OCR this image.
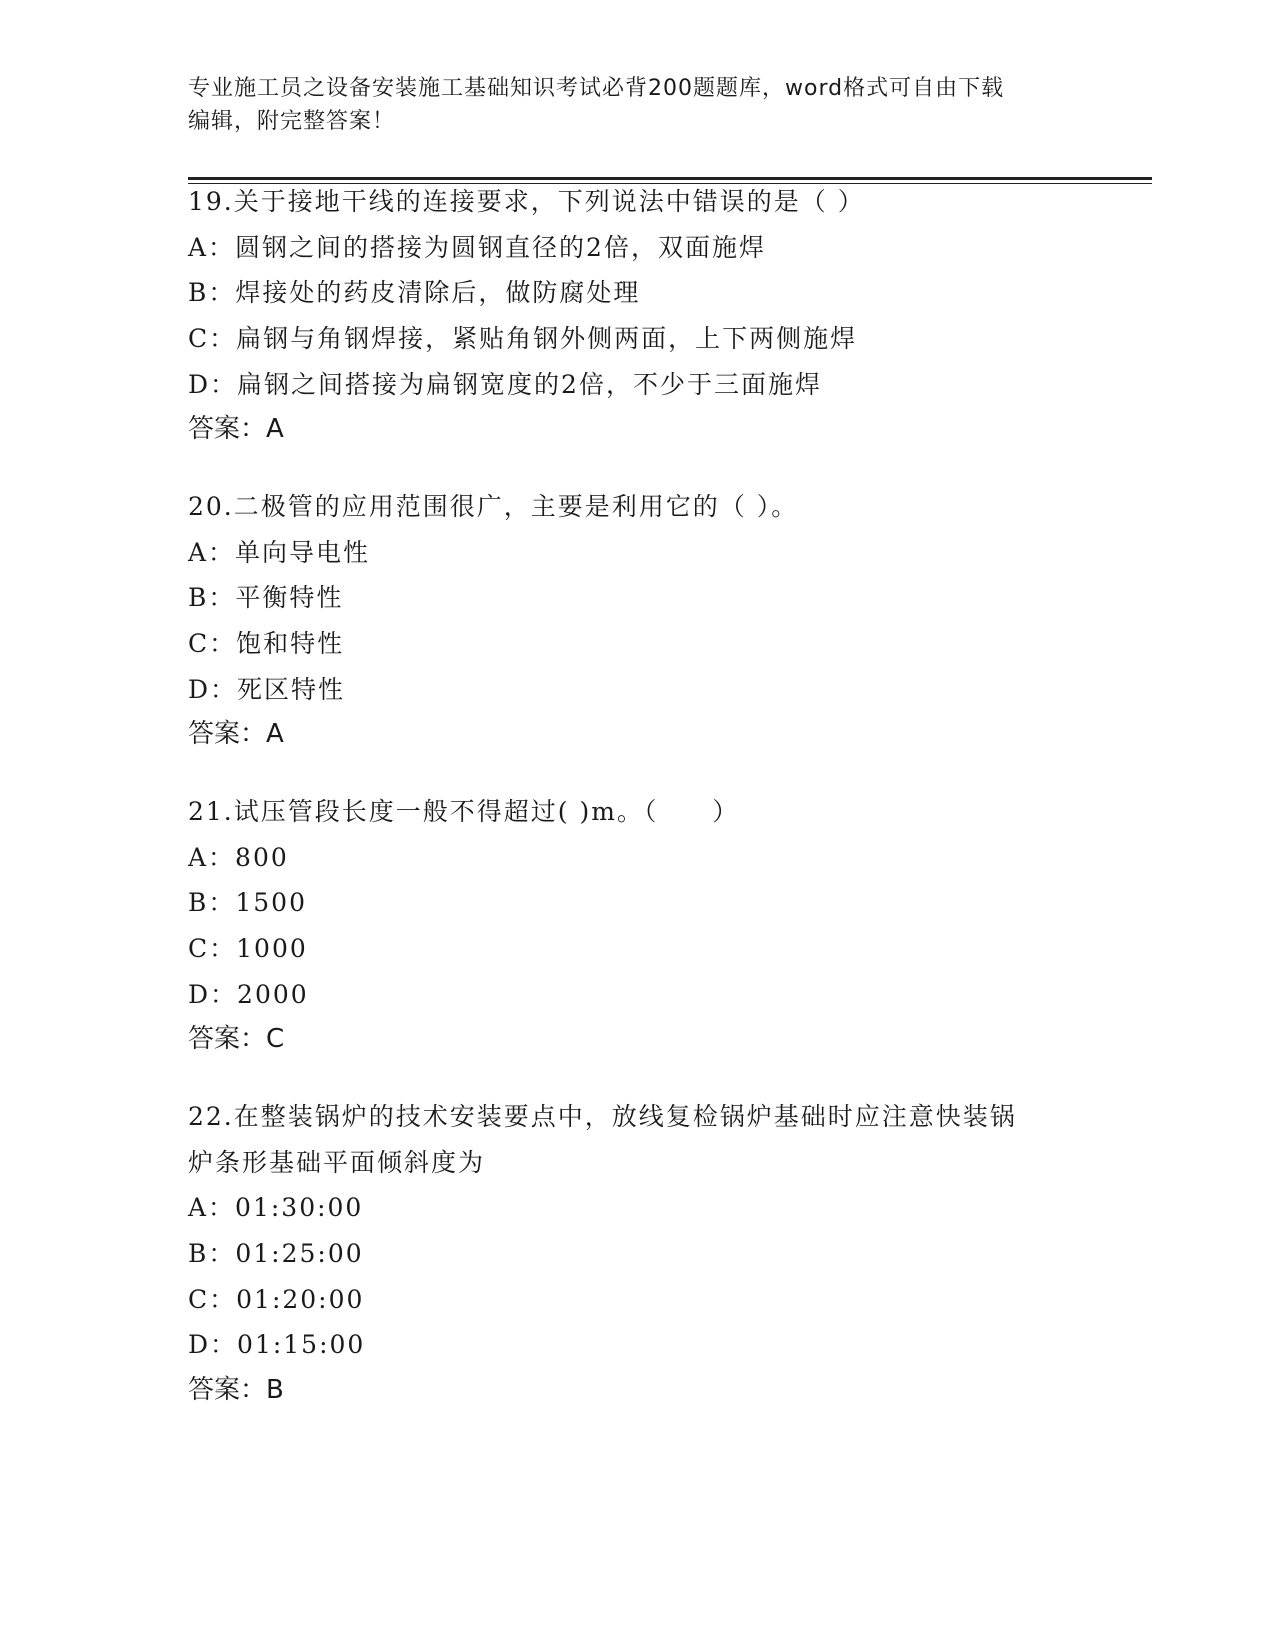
专业施工员之设备安装施工基础知识考试必背200题题库，word格式可自由下载
编辑，附完整答案！
19.关于接地干线的连接要求，下列说法中错误的是（ ）
A：圆钢之间的搭接为圆钢直径的2倍，双面施焊
B：焊接处的药皮清除后，做防腐处理
C：扁钢与角钢焊接，紧贴角钢外侧两面，上下两侧施焊
D：扁钢之间搭接为扁钢宽度的2倍，不少于三面施焊
答案：A
20.二极管的应用范围很广，主要是利用它的（ ）。
A：单向导电性
B：平衡特性
C：饱和特性
D：死区特性
答案：A
21.试压管段长度一般不得超过( )m。（　　）
A：800
B：1500
C：1000
D：2000
答案：C
22.在整装锅炉的技术安装要点中，放线复检锅炉基础时应注意快装锅
炉条形基础平面倾斜度为
A：01:30:00
B：01:25:00
C：01:20:00
D：01:15:00
答案：B
